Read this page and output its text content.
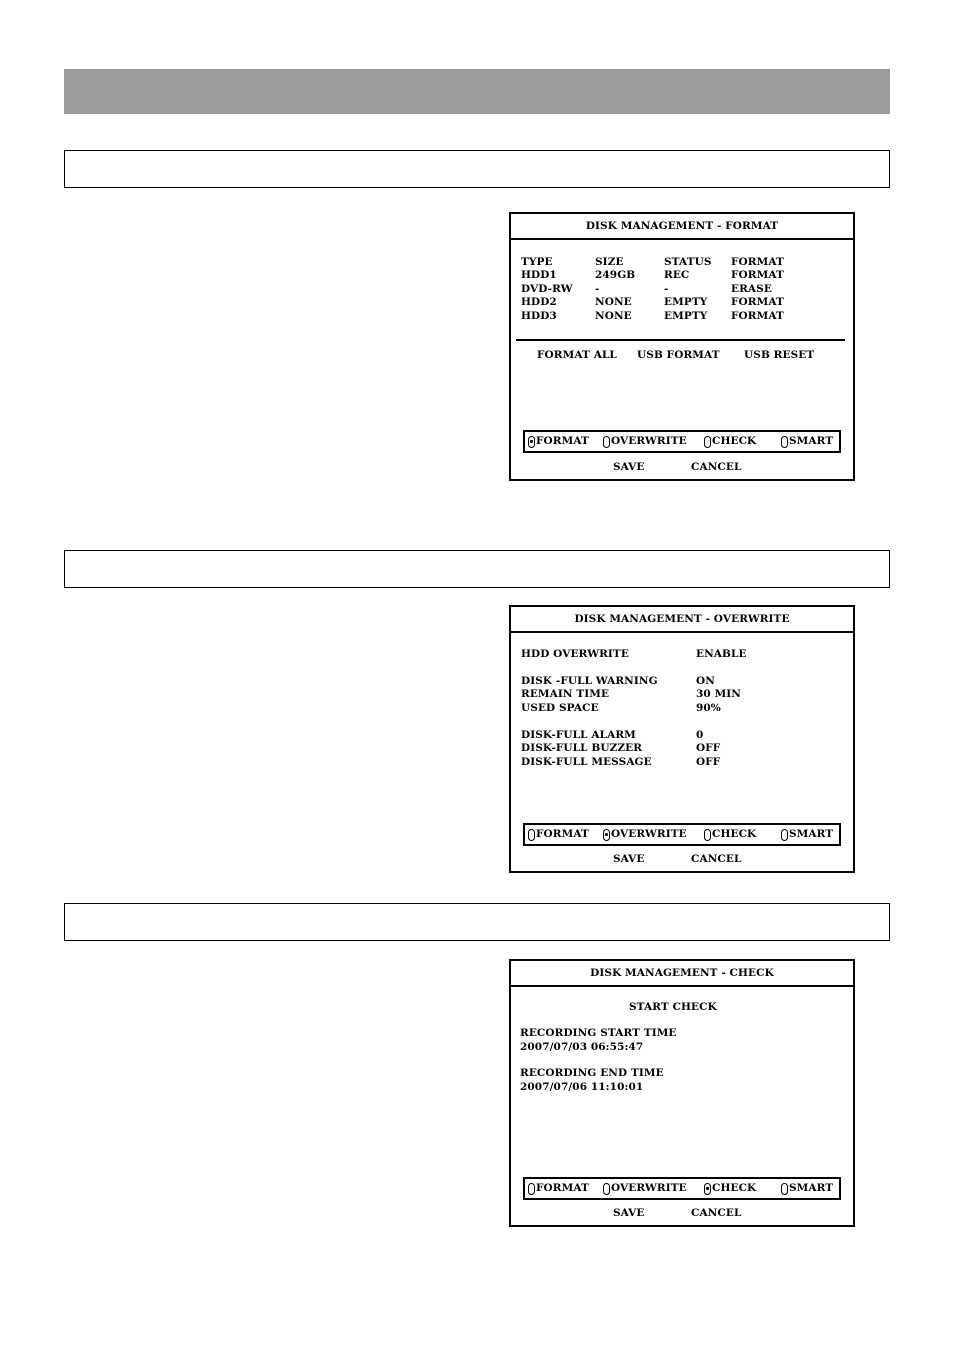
DISK MANAGEMENT - FORMAT
TYPE	SIZE	STATUS FORMAT
HDD1	249GB	REC	FORMAT
DVD-RW -	-	ERASE
HDD2	NONE	EMPTY FORMAT
HDD3	NONE	EMPTY FORMAT
FORMAT ALL USB FORMAT USB RESET
FORMAT OVERWRITE CHECK	SMART
SAVE	CANCEL
DISK MANAGEMENT - OVERWRITE
HDD OVERWRITE	ENABLE
DISK -FULL WARNING	ON
REMAIN TIME	30 MIN
USED SPACE	90%
DISK-FULL ALARM	0
DISK-FULL BUZZER	OFF
DISK-FULL MESSAGE	OFF
FORMAT OVERWRITE CHECK	SMART
SAVE	CANCEL
DISK MANAGEMENT - CHECK
START CHECK
RECORDING START TIME
2007/07/03 06:55:47
RECORDING END TIME
2007/07/06 11:10:01
FORMAT OVERWRITE CHECK	SMART
SAVE	CANCEL
